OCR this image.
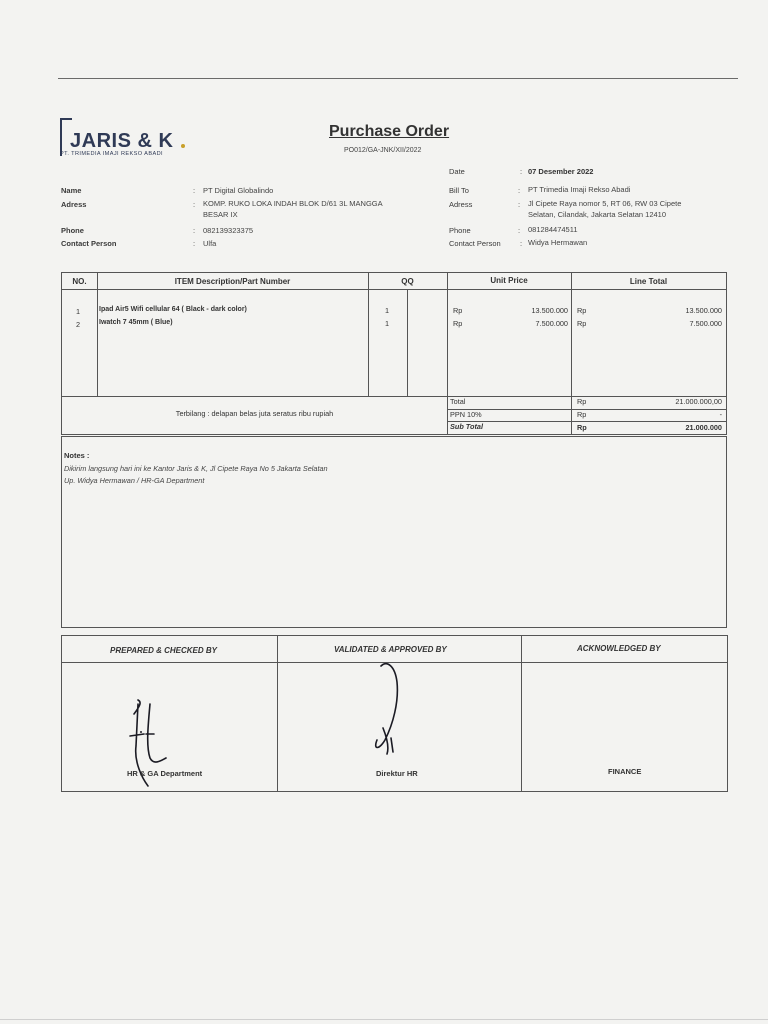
JARIS & K
PT. TRIMEDIA IMAJI REKSO ABADI
Purchase Order
PO012/GA-JNK/XII/2022
Date	: 07 Desember 2022
Name	: PT Digital Globalindo
Adress	: KOMP. RUKO LOKA INDAH BLOK D/61 3L MANGGA
BESAR IX
Phone	: 082139323375
Contact Person	: Ulfa
Bill To	: PT Trimedia Imaji Rekso Abadi
Adress	: Jl Cipete Raya nomor 5, RT 06, RW 03 Cipete
Selatan, Cilandak, Jakarta Selatan 12410
Phone	: 081284474511
Contact Person	: Widya Hermawan
NO.	ITEM Description/Part Number	QQ	Unit Price	Line Total
1	Ipad Air5 Wifi cellular 64 ( Black - dark color)	1	Rp	13.500.000 Rp	13.500.000
2	Iwatch 7 45mm ( Blue)	1	Rp	7.500.000 Rp	7.500.000
Terbilang : delapan belas juta seratus ribu rupiah
Total	Rp	21.000.000,00
PPN 10%	Rp	-
Sub Total	Rp	21.000.000
Notes :
Dikirim langsung hari ini ke Kantor Jaris & K, Jl Cipete Raya No 5 Jakarta Selatan
Up. Widya Hermawan / HR-GA Department
PREPARED & CHECKED BY	VALIDATED & APPROVED BY	ACKNOWLEDGED BY
HR & GA Department	Direktur HR	FINANCE
